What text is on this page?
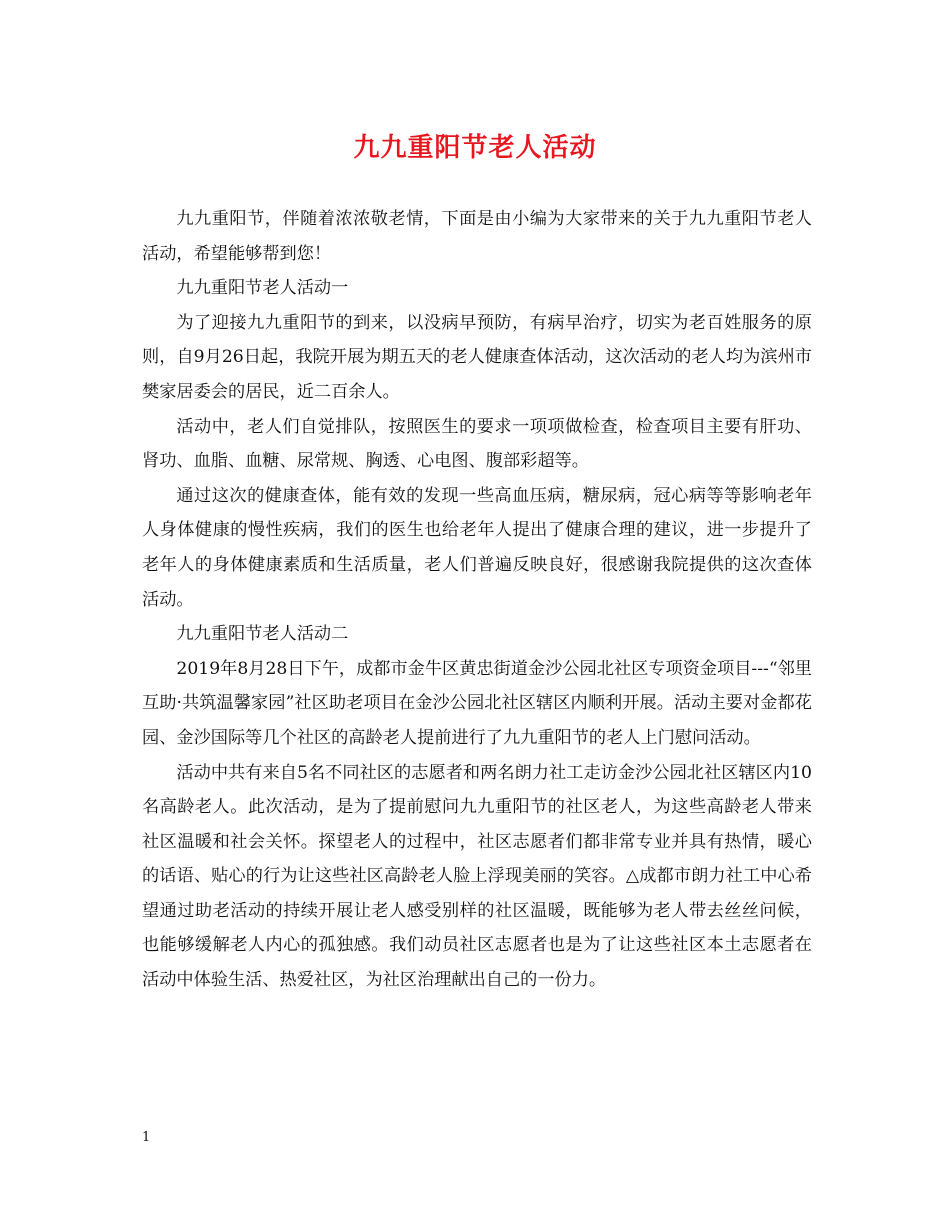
九九重阳节老人活动

九九重阳节，伴随着浓浓敬老情，下面是由小编为大家带来的关于九九重阳节老人活动，希望能够帮到您！

九九重阳节老人活动一

为了迎接九九重阳节的到来，以没病早预防，有病早治疗，切实为老百姓服务的原则，自9月26日起，我院开展为期五天的老人健康查体活动，这次活动的老人均为滨州市樊家居委会的居民，近二百余人。

活动中，老人们自觉排队，按照医生的要求一项项做检查，检查项目主要有肝功、肾功、血脂、血糖、尿常规、胸透、心电图、腹部彩超等。

通过这次的健康查体，能有效的发现一些高血压病，糖尿病，冠心病等等影响老年人身体健康的慢性疾病，我们的医生也给老年人提出了健康合理的建议，进一步提升了老年人的身体健康素质和生活质量，老人们普遍反映良好，很感谢我院提供的这次查体活动。

九九重阳节老人活动二

2019年8月28日下午，成都市金牛区黄忠街道金沙公园北社区专项资金项目---“邻里互助·共筑温馨家园”社区助老项目在金沙公园北社区辖区内顺利开展。活动主要对金都花园、金沙国际等几个社区的高龄老人提前进行了九九重阳节的老人上门慰问活动。

活动中共有来自5名不同社区的志愿者和两名朗力社工走访金沙公园北社区辖区内10名高龄老人。此次活动，是为了提前慰问九九重阳节的社区老人，为这些高龄老人带来社区温暖和社会关怀。探望老人的过程中，社区志愿者们都非常专业并具有热情，暖心的话语、贴心的行为让这些社区高龄老人脸上浮现美丽的笑容。△成都市朗力社工中心希望通过助老活动的持续开展让老人感受别样的社区温暖，既能够为老人带去丝丝问候，也能够缓解老人内心的孤独感。我们动员社区志愿者也是为了让这些社区本土志愿者在活动中体验生活、热爱社区，为社区治理献出自己的一份力。

1
